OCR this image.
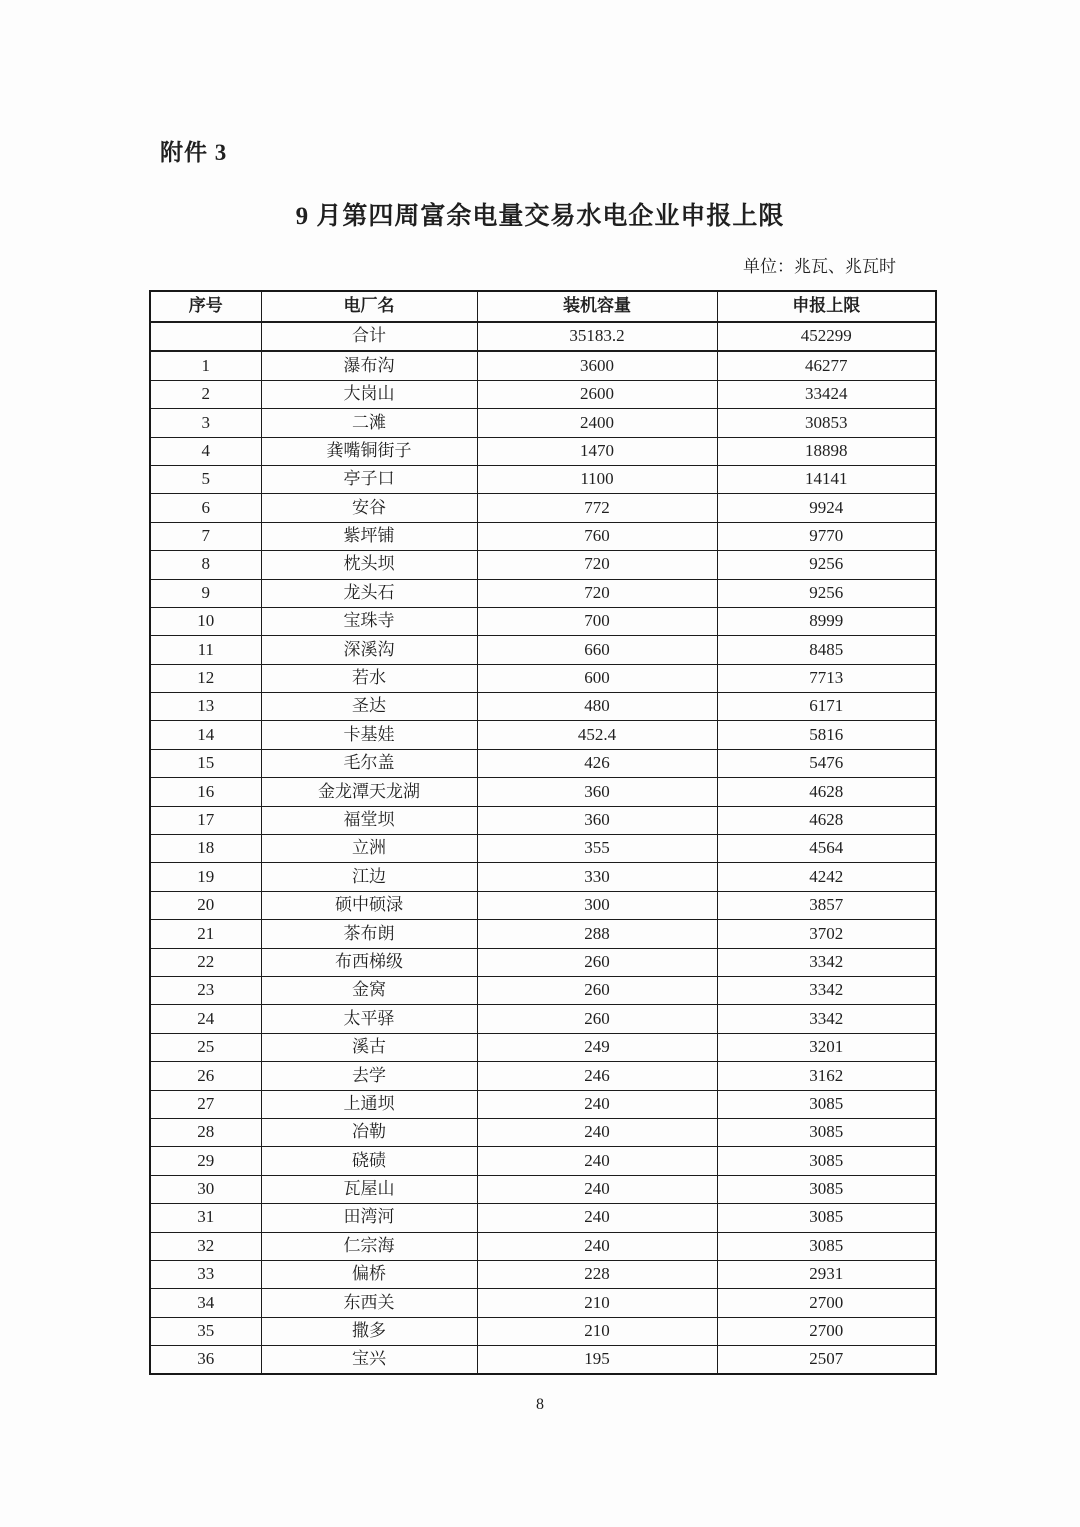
附件 3
9 月第四周富余电量交易水电企业申报上限
单位：兆瓦、兆瓦时
序号	电厂名	装机容量	申报上限
	合计	35183.2	452299
1	瀑布沟	3600	46277
2	大岗山	2600	33424
3	二滩	2400	30853
4	龚嘴铜街子	1470	18898
5	亭子口	1100	14141
6	安谷	772	9924
7	紫坪铺	760	9770
8	枕头坝	720	9256
9	龙头石	720	9256
10	宝珠寺	700	8999
11	深溪沟	660	8485
12	若水	600	7713
13	圣达	480	6171
14	卡基娃	452.4	5816
15	毛尔盖	426	5476
16	金龙潭天龙湖	360	4628
17	福堂坝	360	4628
18	立洲	355	4564
19	江边	330	4242
20	硕中硕渌	300	3857
21	茶布朗	288	3702
22	布西梯级	260	3342
23	金窝	260	3342
24	太平驿	260	3342
25	溪古	249	3201
26	去学	246	3162
27	上通坝	240	3085
28	冶勒	240	3085
29	硗碛	240	3085
30	瓦屋山	240	3085
31	田湾河	240	3085
32	仁宗海	240	3085
33	偏桥	228	2931
34	东西关	210	2700
35	撒多	210	2700
36	宝兴	195	2507
8
